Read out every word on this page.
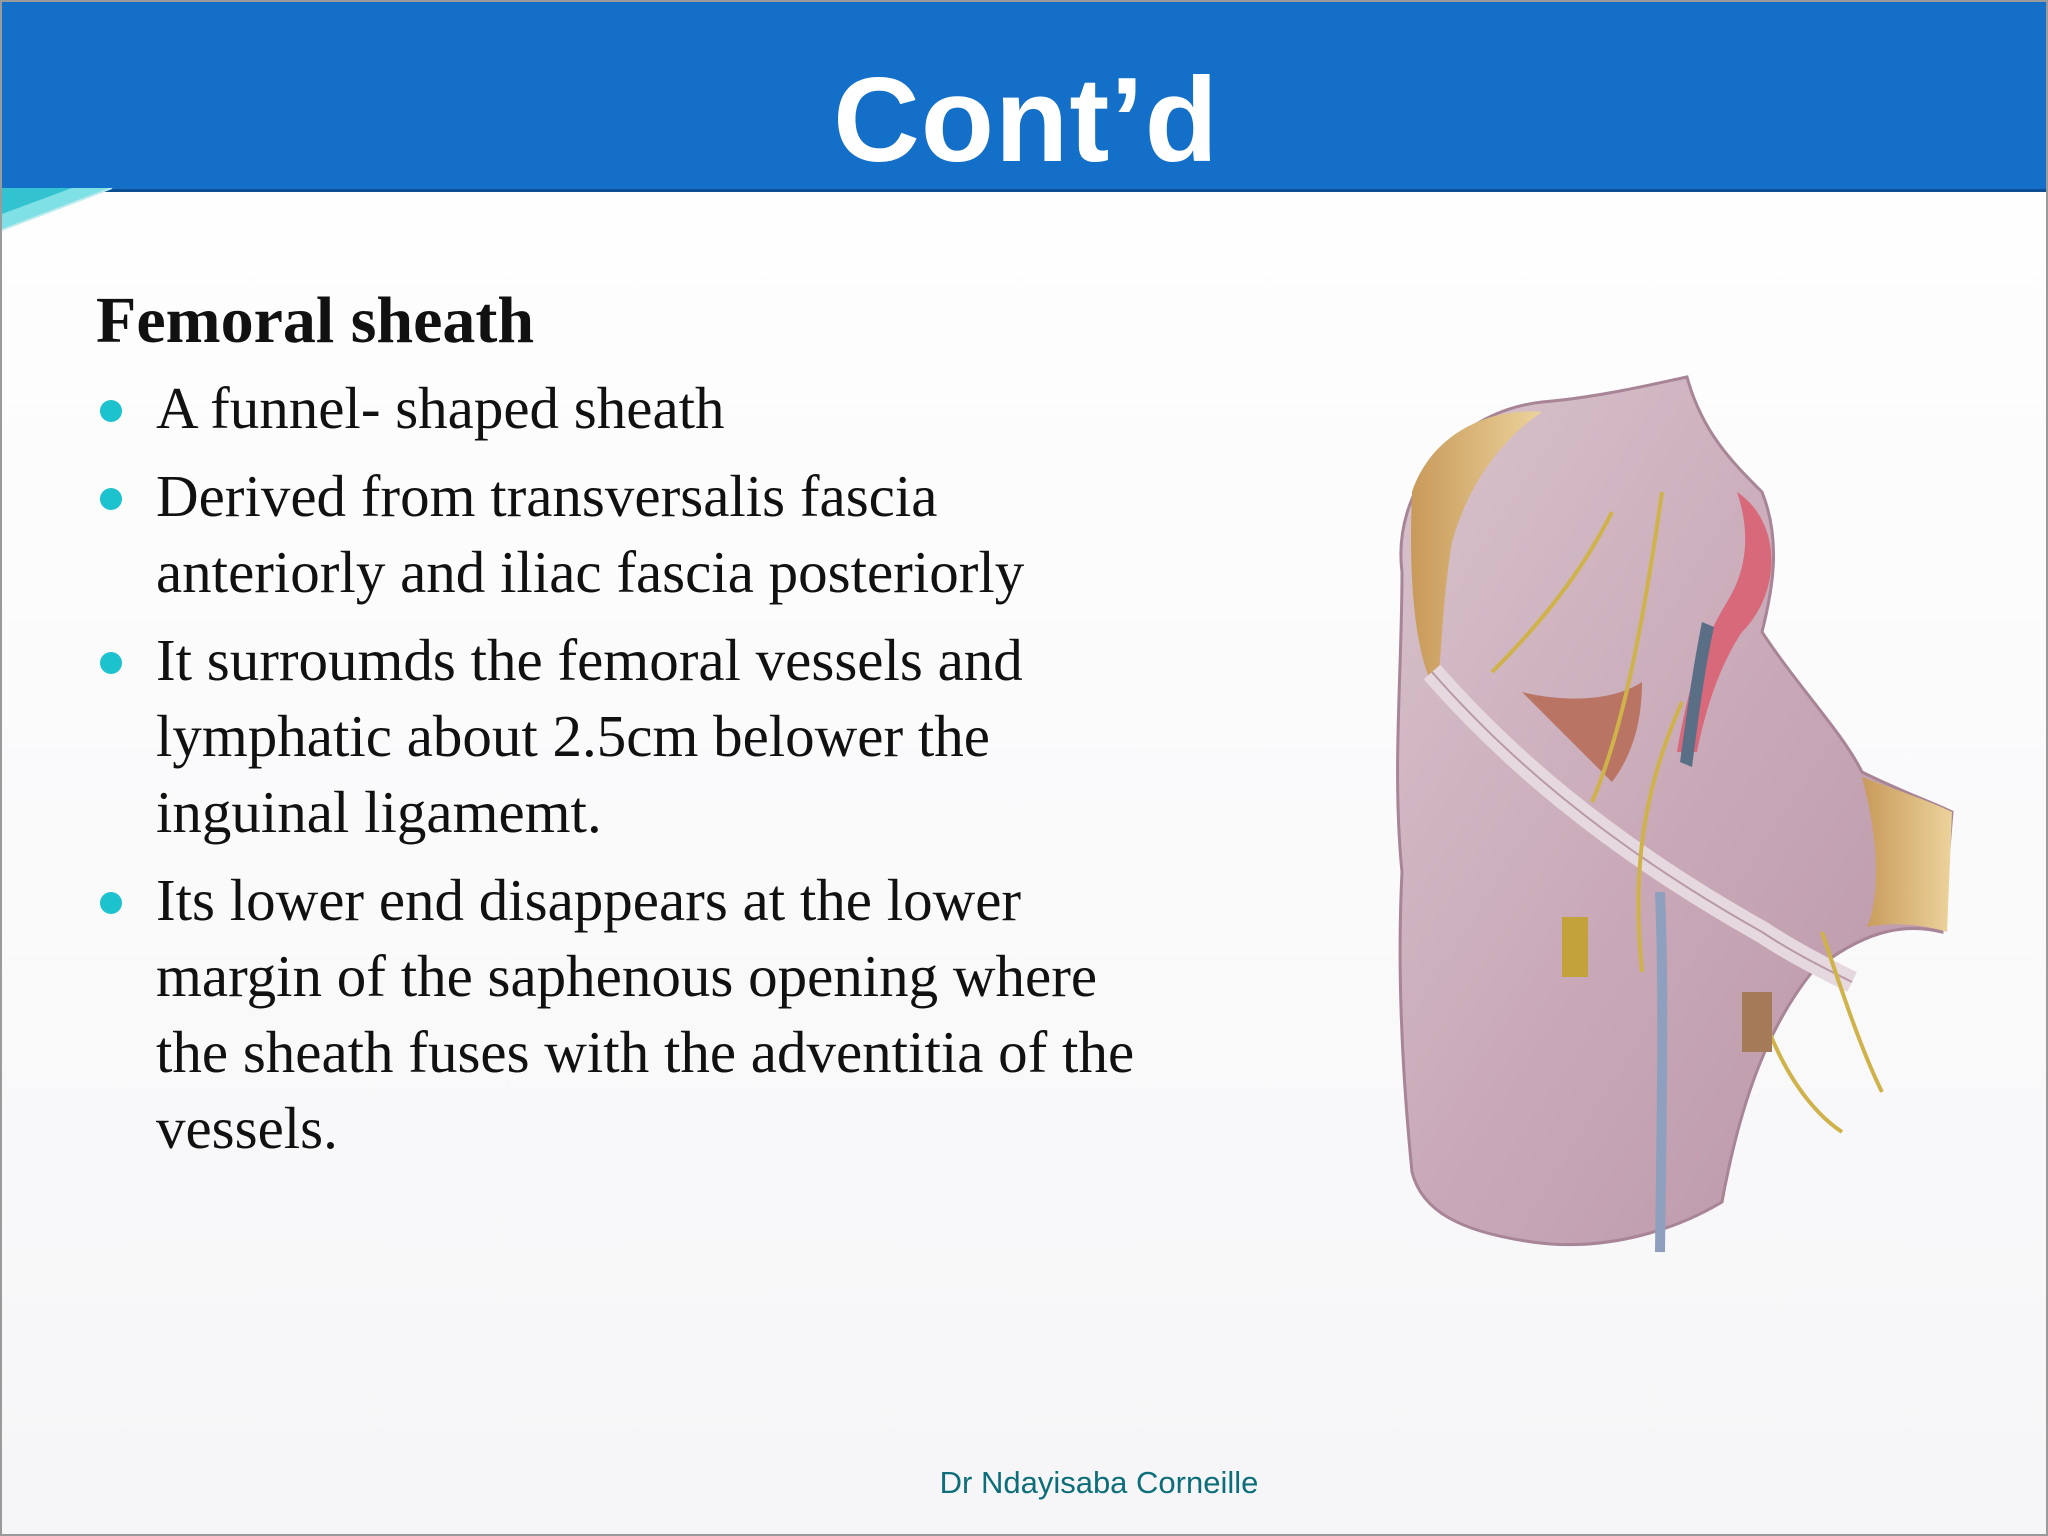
Cont’d
Femoral sheath
A funnel- shaped sheath
Derived from transversalis fascia anteriorly and iliac fascia posteriorly
It surroumds the femoral vessels and lymphatic about 2.5cm belower the inguinal ligamemt.
Its lower end disappears at the lower margin of the saphenous opening where the sheath fuses with the adventitia of the vessels.
Dr Ndayisaba Corneille
